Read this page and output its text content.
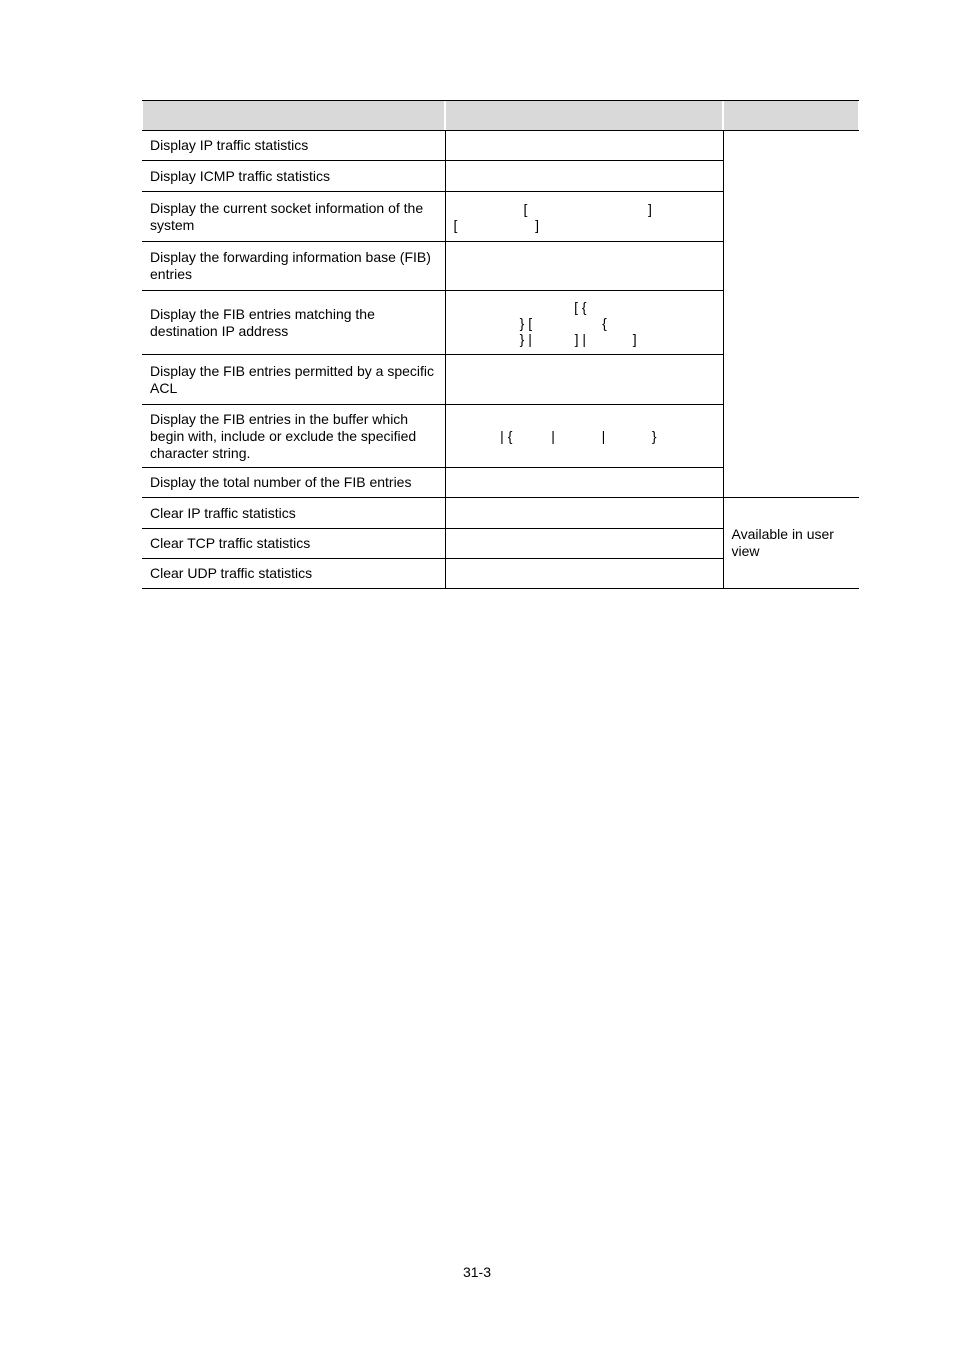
Display IP traffic statistics		
Display ICMP traffic statistics		
Display the current socket information of the system	[                               ]
[                    ]	
Display the forwarding information base (FIB) entries		
Display the FIB entries matching the destination IP address	[ {
} [                  {
} |           ] |            ]	
Display the FIB entries permitted by a specific ACL		
Display the FIB entries in the buffer which begin with, include or exclude the specified character string.	| {          |            |            }	
Display the total number of the FIB entries		
Clear IP traffic statistics		Available in user view
Clear TCP traffic statistics		
Clear UDP traffic statistics		
31-3
